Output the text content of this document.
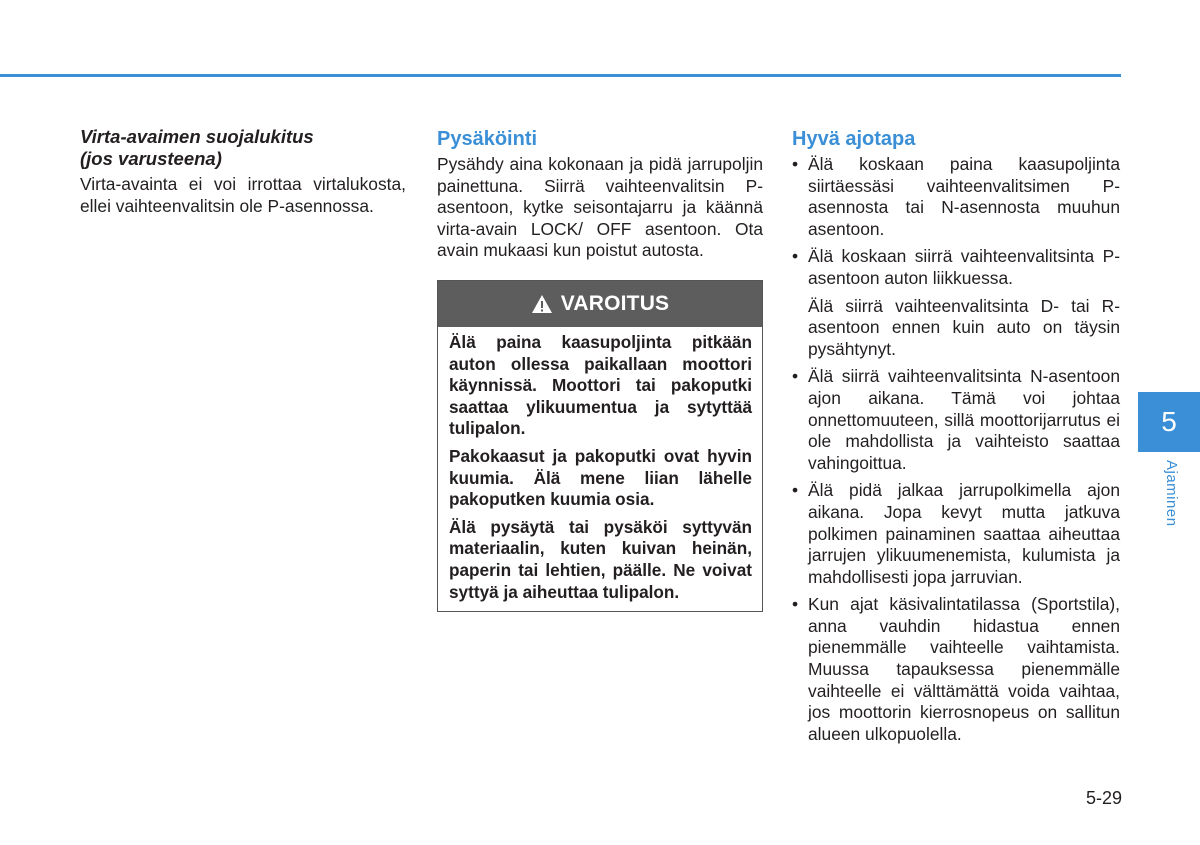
Virta-avaimen suojalukitus
(jos varusteena)

Virta-avainta ei voi irrottaa virtalukosta, ellei vaihteenvalitsin ole P-asennossa.

Pysäköinti

Pysähdy aina kokonaan ja pidä jarrupoljin painettuna. Siirrä vaihteenvalitsin P-asentoon, kytke seisontajarru ja käännä virta-avain LOCK/ OFF asentoon. Ota avain mukaasi kun poistut autosta.

VAROITUS

Älä paina kaasupoljinta pitkään auton ollessa paikallaan moottori käynnissä. Moottori tai pakoputki saattaa ylikuumentua ja sytyttää tulipalon.

Pakokaasut ja pakoputki ovat hyvin kuumia. Älä mene liian lähelle pakoputken kuumia osia.

Älä pysäytä tai pysäköi syttyvän materiaalin, kuten kuivan heinän, paperin tai lehtien, päälle. Ne voivat syttyä ja aiheuttaa tulipalon.

Hyvä ajotapa
• Älä koskaan paina kaasupoljinta siirtäessäsi vaihteenvalitsimen P-asennosta tai N-asennosta muuhun asentoon.
• Älä koskaan siirrä vaihteenvalitsinta P-asentoon auton liikkuessa.
Älä siirrä vaihteenvalitsinta D- tai R-asentoon ennen kuin auto on täysin pysähtynyt.
• Älä siirrä vaihteenvalitsinta N-asentoon ajon aikana. Tämä voi johtaa onnettomuuteen, sillä moottorijarrutus ei ole mahdollista ja vaihteisto saattaa vahingoittua.
• Älä pidä jalkaa jarrupolkimella ajon aikana. Jopa kevyt mutta jatkuva polkimen painaminen saattaa aiheuttaa jarrujen ylikuumenemista, kulumista ja mahdollisesti jopa jarruvian.
• Kun ajat käsivalintatilassa (Sportstila), anna vauhdin hidastua ennen pienemmälle vaihteelle vaihtamista. Muussa tapauksessa pienemmälle vaihteelle ei välttämättä voida vaihtaa, jos moottorin kierrosnopeus on sallitun alueen ulkopuolella.
5
Ajaminen
5-29
